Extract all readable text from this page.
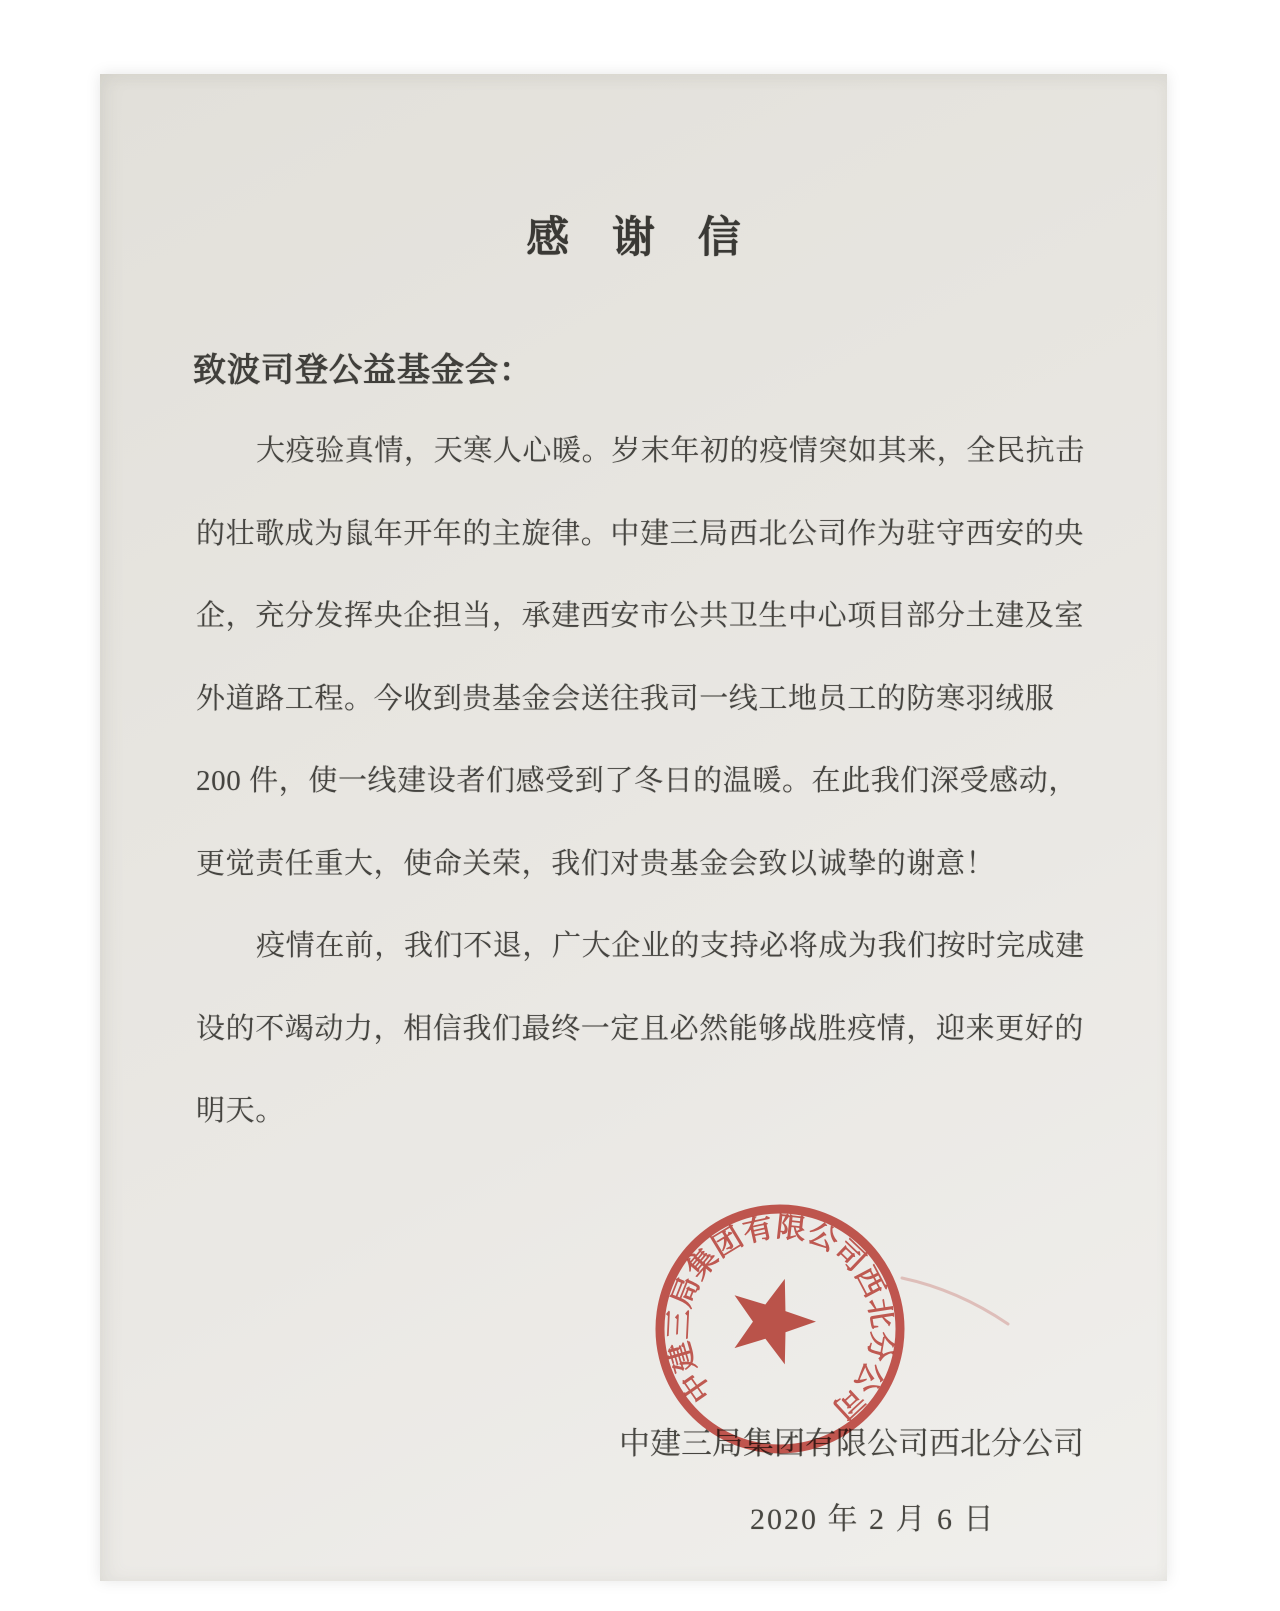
感 谢 信
致波司登公益基金会：
大疫验真情，天寒人心暖。岁末年初的疫情突如其来，全民抗击
的壮歌成为鼠年开年的主旋律。中建三局西北公司作为驻守西安的央
企，充分发挥央企担当，承建西安市公共卫生中心项目部分土建及室
外道路工程。今收到贵基金会送往我司一线工地员工的防寒羽绒服
200 件，使一线建设者们感受到了冬日的温暖。在此我们深受感动，
更觉责任重大，使命关荣，我们对贵基金会致以诚挚的谢意！
疫情在前，我们不退，广大企业的支持必将成为我们按时完成建
设的不竭动力，相信我们最终一定且必然能够战胜疫情，迎来更好的
明天。
中建三局集团有限公司西北分公司
2020 年 2 月 6 日
中建三局集团有限公司西北分公司
